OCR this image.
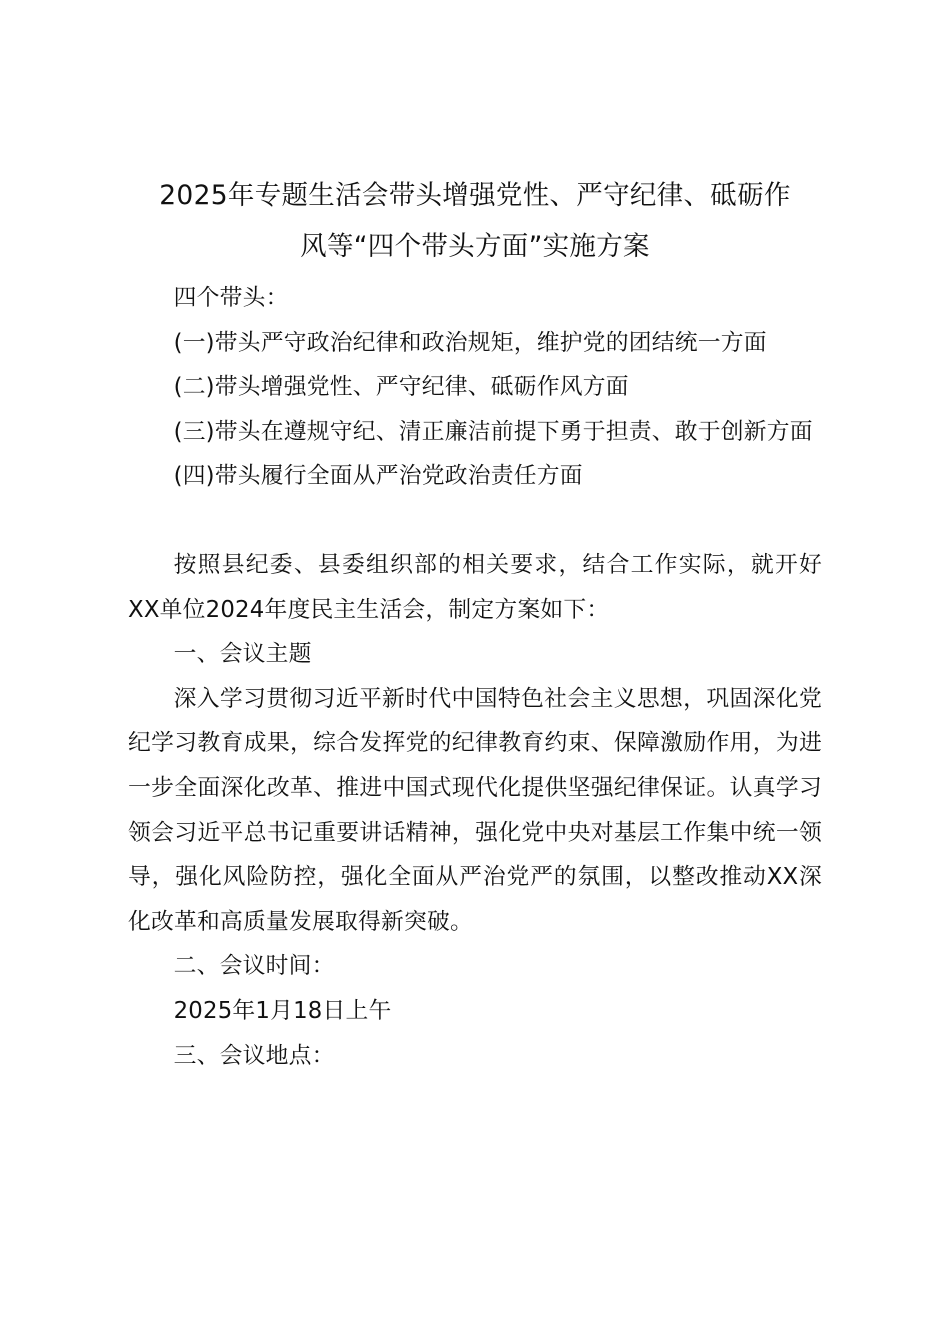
2025年专题生活会带头增强党性、严守纪律、砥砺作
风等“四个带头方面”实施方案

四个带头：

(一)带头严守政治纪律和政治规矩，维护党的团结统一方面

(二)带头增强党性、严守纪律、砥砺作风方面

(三)带头在遵规守纪、清正廉洁前提下勇于担责、敢于创新方面

(四)带头履行全面从严治党政治责任方面

按照县纪委、县委组织部的相关要求，结合工作实际，就开好XX单位2024年度民主生活会，制定方案如下：

一、会议主题

深入学习贯彻习近平新时代中国特色社会主义思想，巩固深化党纪学习教育成果，综合发挥党的纪律教育约束、保障激励作用，为进一步全面深化改革、推进中国式现代化提供坚强纪律保证。认真学习领会习近平总书记重要讲话精神，强化党中央对基层工作集中统一领导，强化风险防控，强化全面从严治党严的氛围，以整改推动XX深化改革和高质量发展取得新突破。

二、会议时间：

2025年1月18日上午

三、会议地点：
